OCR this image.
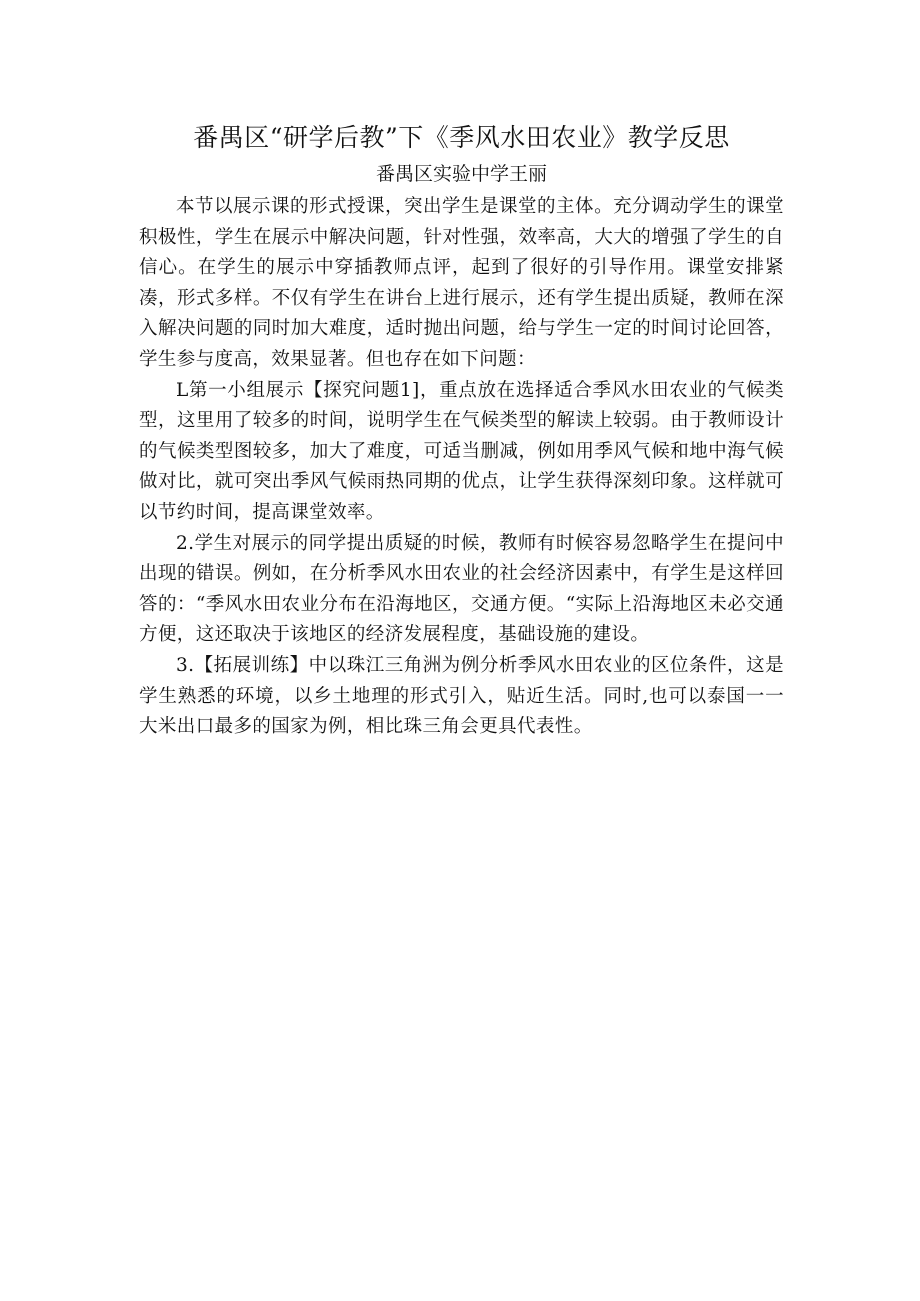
番禺区“研学后教”下《季风水田农业》教学反思

番禺区实验中学王丽

本节以展示课的形式授课，突出学生是课堂的主体。充分调动学生的课堂积极性，学生在展示中解决问题，针对性强，效率高，大大的增强了学生的自信心。在学生的展示中穿插教师点评，起到了很好的引导作用。课堂安排紧凑，形式多样。不仅有学生在讲台上进行展示，还有学生提出质疑，教师在深入解决问题的同时加大难度，适时抛出问题，给与学生一定的时间讨论回答，学生参与度高，效果显著。但也存在如下问题：

L第一小组展示【探究问题1]，重点放在选择适合季风水田农业的气候类型，这里用了较多的时间，说明学生在气候类型的解读上较弱。由于教师设计的气候类型图较多，加大了难度，可适当删减，例如用季风气候和地中海气候做对比，就可突出季风气候雨热同期的优点，让学生获得深刻印象。这样就可以节约时间，提高课堂效率。

2.学生对展示的同学提出质疑的时候，教师有时候容易忽略学生在提问中出现的错误。例如，在分析季风水田农业的社会经济因素中，有学生是这样回答的：“季风水田农业分布在沿海地区，交通方便。“实际上沿海地区未必交通方便，这还取决于该地区的经济发展程度，基础设施的建设。

3.【拓展训练】中以珠江三角洲为例分析季风水田农业的区位条件，这是学生熟悉的环境，以乡土地理的形式引入，贴近生活。同时,也可以泰国一一大米出口最多的国家为例，相比珠三角会更具代表性。
